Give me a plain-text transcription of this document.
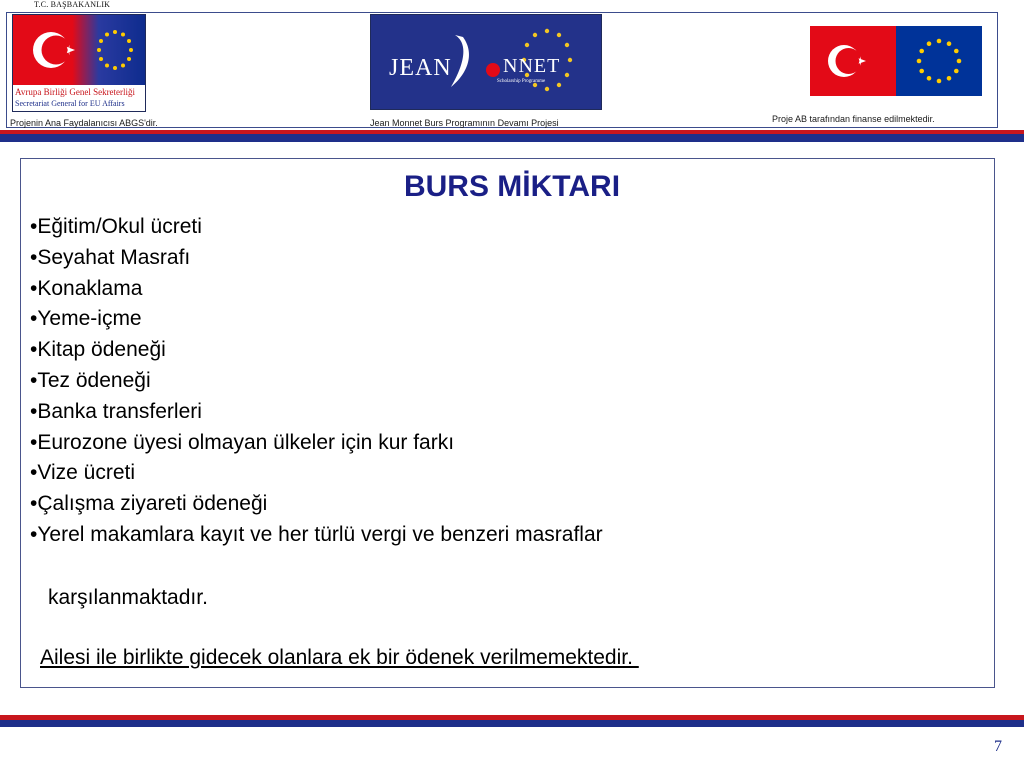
T.C. BAŞBAKANLIK
Avrupa Birliği Genel Sekreterliği
Secretariat General for EU Affairs
JEAN	NNET
Scholarship Programme
Projenin Ana Faydalanıcısı ABGS'dir.	Jean Monnet Burs Programının Devamı Projesi	Proje AB tarafından finanse edilmektedir.
BURS MİKTARI
•Eğitim/Okul ücreti
•Seyahat Masrafı
•Konaklama
•Yeme-içme
•Kitap ödeneği
•Tez ödeneği
•Banka transferleri
•Eurozone üyesi olmayan ülkeler için kur farkı
•Vize ücreti
•Çalışma ziyareti ödeneği
•Yerel makamlara kayıt ve her türlü vergi ve benzeri masraflar
karşılanmaktadır.
Ailesi ile birlikte gidecek olanlara ek bir ödenek verilmemektedir.
7
